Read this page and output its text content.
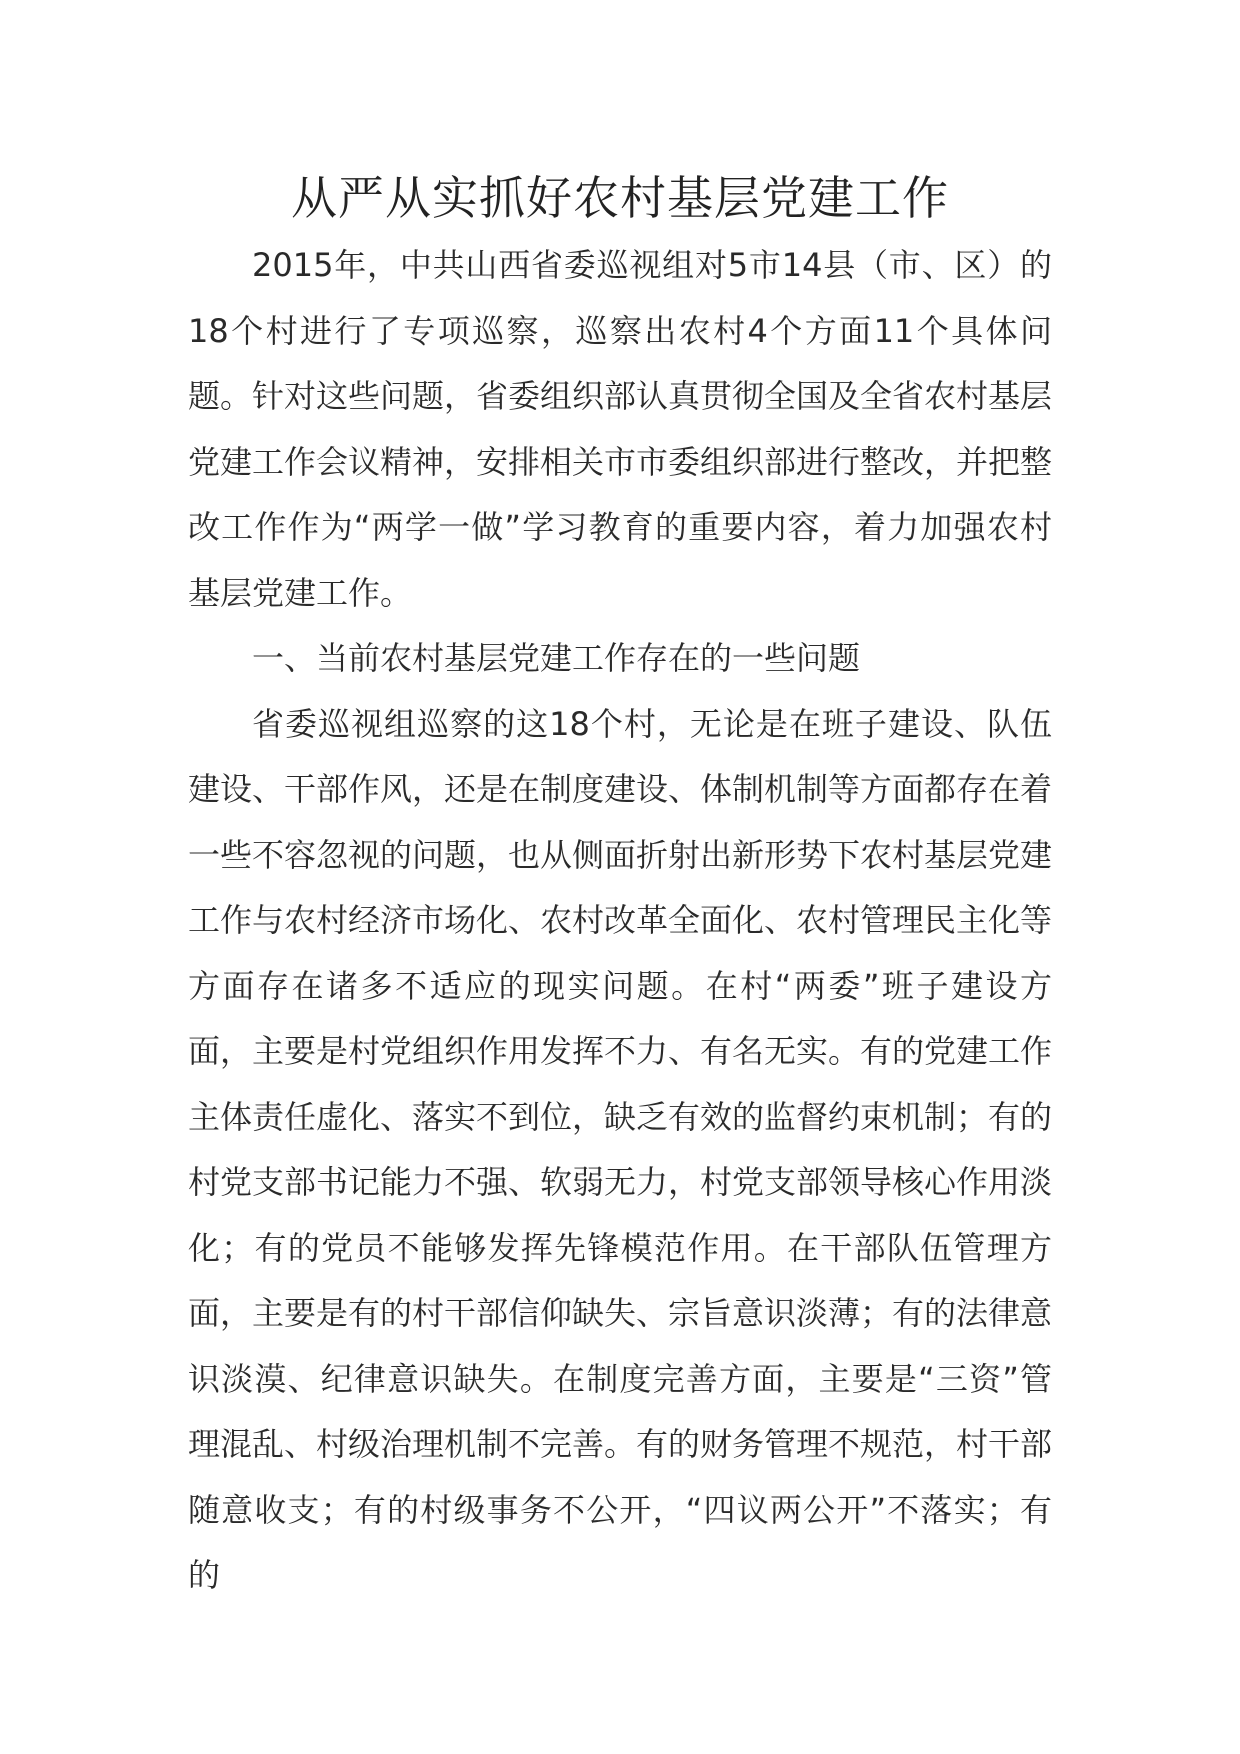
从严从实抓好农村基层党建工作

2015年，中共山西省委巡视组对5市14县（市、区）的18个村进行了专项巡察，巡察出农村4个方面11个具体问题。针对这些问题，省委组织部认真贯彻全国及全省农村基层党建工作会议精神，安排相关市市委组织部进行整改，并把整改工作作为“两学一做”学习教育的重要内容，着力加强农村基层党建工作。

一、当前农村基层党建工作存在的一些问题

省委巡视组巡察的这18个村，无论是在班子建设、队伍建设、干部作风，还是在制度建设、体制机制等方面都存在着一些不容忽视的问题，也从侧面折射出新形势下农村基层党建工作与农村经济市场化、农村改革全面化、农村管理民主化等方面存在诸多不适应的现实问题。在村“两委”班子建设方面，主要是村党组织作用发挥不力、有名无实。有的党建工作主体责任虚化、落实不到位，缺乏有效的监督约束机制；有的村党支部书记能力不强、软弱无力，村党支部领导核心作用淡化；有的党员不能够发挥先锋模范作用。在干部队伍管理方面，主要是有的村干部信仰缺失、宗旨意识淡薄；有的法律意识淡漠、纪律意识缺失。在制度完善方面，主要是“三资”管理混乱、村级治理机制不完善。有的财务管理不规范，村干部随意收支；有的村级事务不公开，“四议两公开”不落实；有的
